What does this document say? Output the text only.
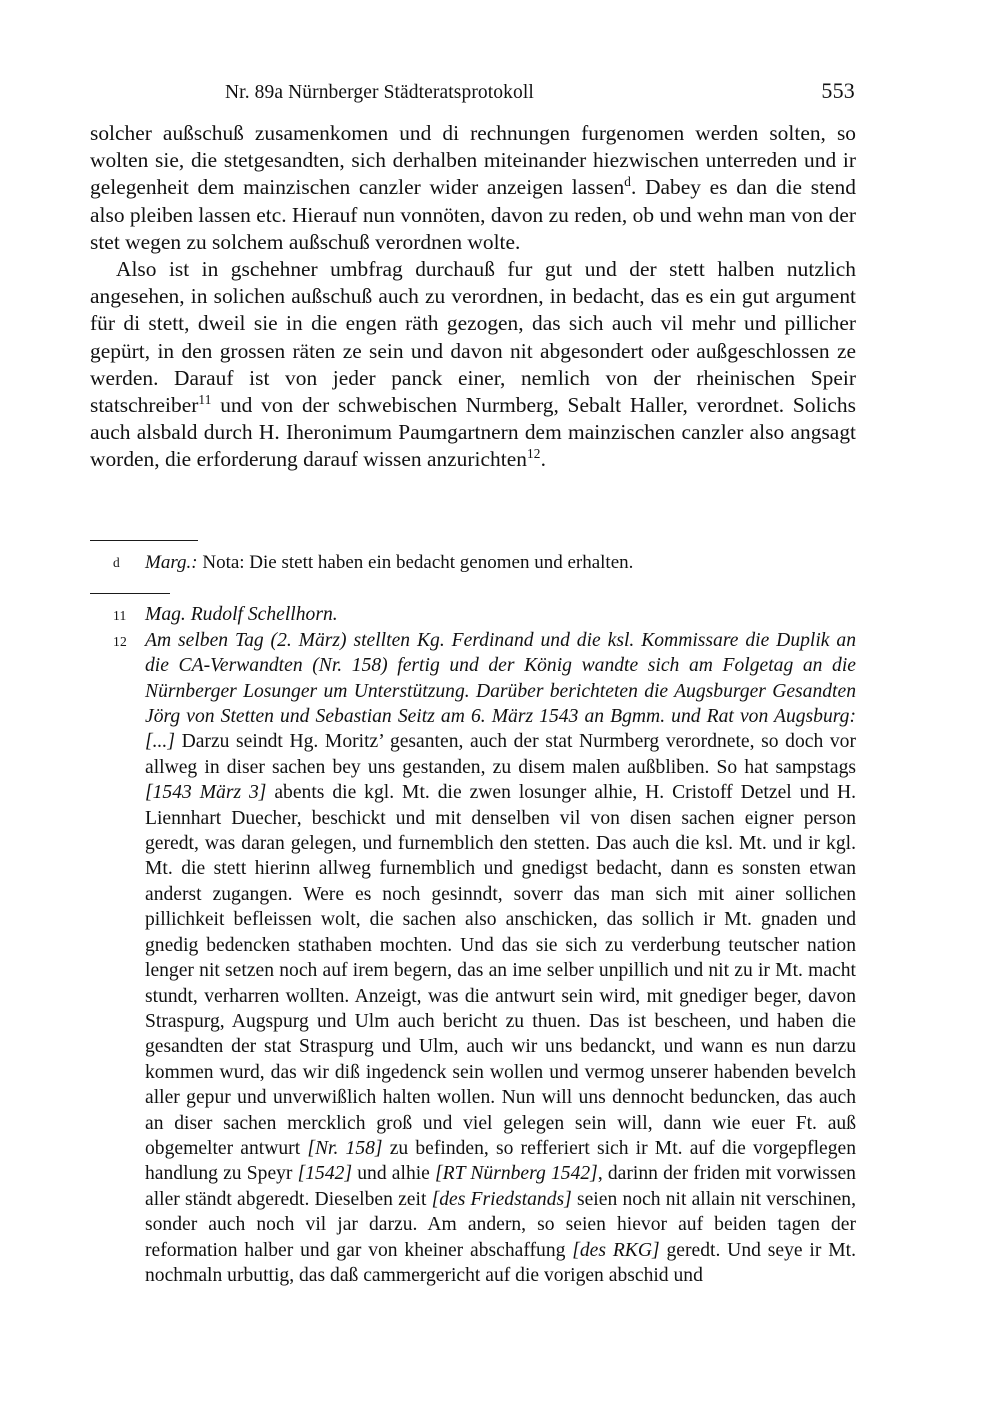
Nr. 89a Nürnberger Städteratsprotokoll	553

solcher außschuß zusamenkomen und di rechnungen furgenomen werden solten, so wolten sie, die stetgesandten, sich derhalben miteinander hiezwischen unterreden und ir gelegenheit dem mainzischen canzler wider anzeigen lassen$^d$. Dabey es dan die stend also pleiben lassen etc. Hierauf nun vonnöten, davon zu reden, ob und wehn man von der stet wegen zu solchem außschuß verordnen wolte.

Also ist in gschehner umbfrag durchauß fur gut und der stett halben nutzlich angesehen, in solichen außschuß auch zu verordnen, in bedacht, das es ein gut argument für di stett, dweil sie in die engen räth gezogen, das sich auch vil mehr und pillicher gepürt, in den grossen räten ze sein und davon nit abgesondert oder außgeschlossen ze werden. Darauf ist von jeder panck einer, nemlich von der rheinischen Speir statschreiber$^{11}$ und von der schwebischen Nurmberg, Sebalt Haller, verordnet. Solichs auch alsbald durch H. Iheronimum Paumgartnern dem mainzischen canzler also angsagt worden, die erforderung darauf wissen anzurichten$^{12}$.

d	Marg.: Nota: Die stett haben ein bedacht genomen und erhalten.
11 Mag. Rudolf Schellhorn.
12 Am selben Tag (2. März) stellten Kg. Ferdinand und die ksl. Kommissare die Duplik an die CA-Verwandten (Nr. 158) fertig und der König wandte sich am Folgetag an die Nürnberger Losunger um Unterstützung. Darüber berichteten die Augsburger Gesandten Jörg von Stetten und Sebastian Seitz am 6. März 1543 an Bgmm. und Rat von Augsburg: [...] Darzu seindt Hg. Moritz’ gesanten, auch der stat Nurmberg verordnete, so doch vor allweg in diser sachen bey uns gestanden, zu disem malen außbliben. So hat sampstags [1543 März 3] abents die kgl. Mt. die zwen losunger alhie, H. Cristoff Detzel und H. Liennhart Duecher, beschickt und mit denselben vil von disen sachen eigner person geredt, was daran gelegen, und furnemblich den stetten. Das auch die ksl. Mt. und ir kgl. Mt. die stett hierinn allweg furnemblich und gnedigst bedacht, dann es sonsten etwan anderst zugangen. Were es noch gesinndt, soverr das man sich mit ainer sollichen pillichkeit befleissen wolt, die sachen also anschicken, das sollich ir Mt. gnaden und gnedig bedencken stathaben mochten. Und das sie sich zu verderbung teutscher nation lenger nit setzen noch auf irem begern, das an ime selber unpillich und nit zu ir Mt. macht stundt, verharren wollten. Anzeigt, was die antwurt sein wird, mit gnediger beger, davon Straspurg, Augspurg und Ulm auch bericht zu thuen. Das ist bescheen, und haben die gesandten der stat Straspurg und Ulm, auch wir uns bedanckt, und wann es nun darzu kommen wurd, das wir diß ingedenck sein wollen und vermog unserer habenden bevelch aller gepur und unverwißlich halten wollen. Nun will uns dennocht beduncken, das auch an diser sachen mercklich groß und viel gelegen sein will, dann wie euer Ft. auß obgemelter antwurt [Nr. 158] zu befinden, so refferiert sich ir Mt. auf die vorgepflegen handlung zu Speyr [1542] und alhie [RT Nürnberg 1542], darinn der friden mit vorwissen aller ständt abgeredt. Dieselben zeit [des Friedstands] seien noch nit allain nit verschinen, sonder auch noch vil jar darzu. Am andern, so seien hievor auf beiden tagen der reformation halber und gar von kheiner abschaffung [des RKG] geredt. Und seye ir Mt. nochmaln urbuttig, das daß cammergericht auf die vorigen abschid und
